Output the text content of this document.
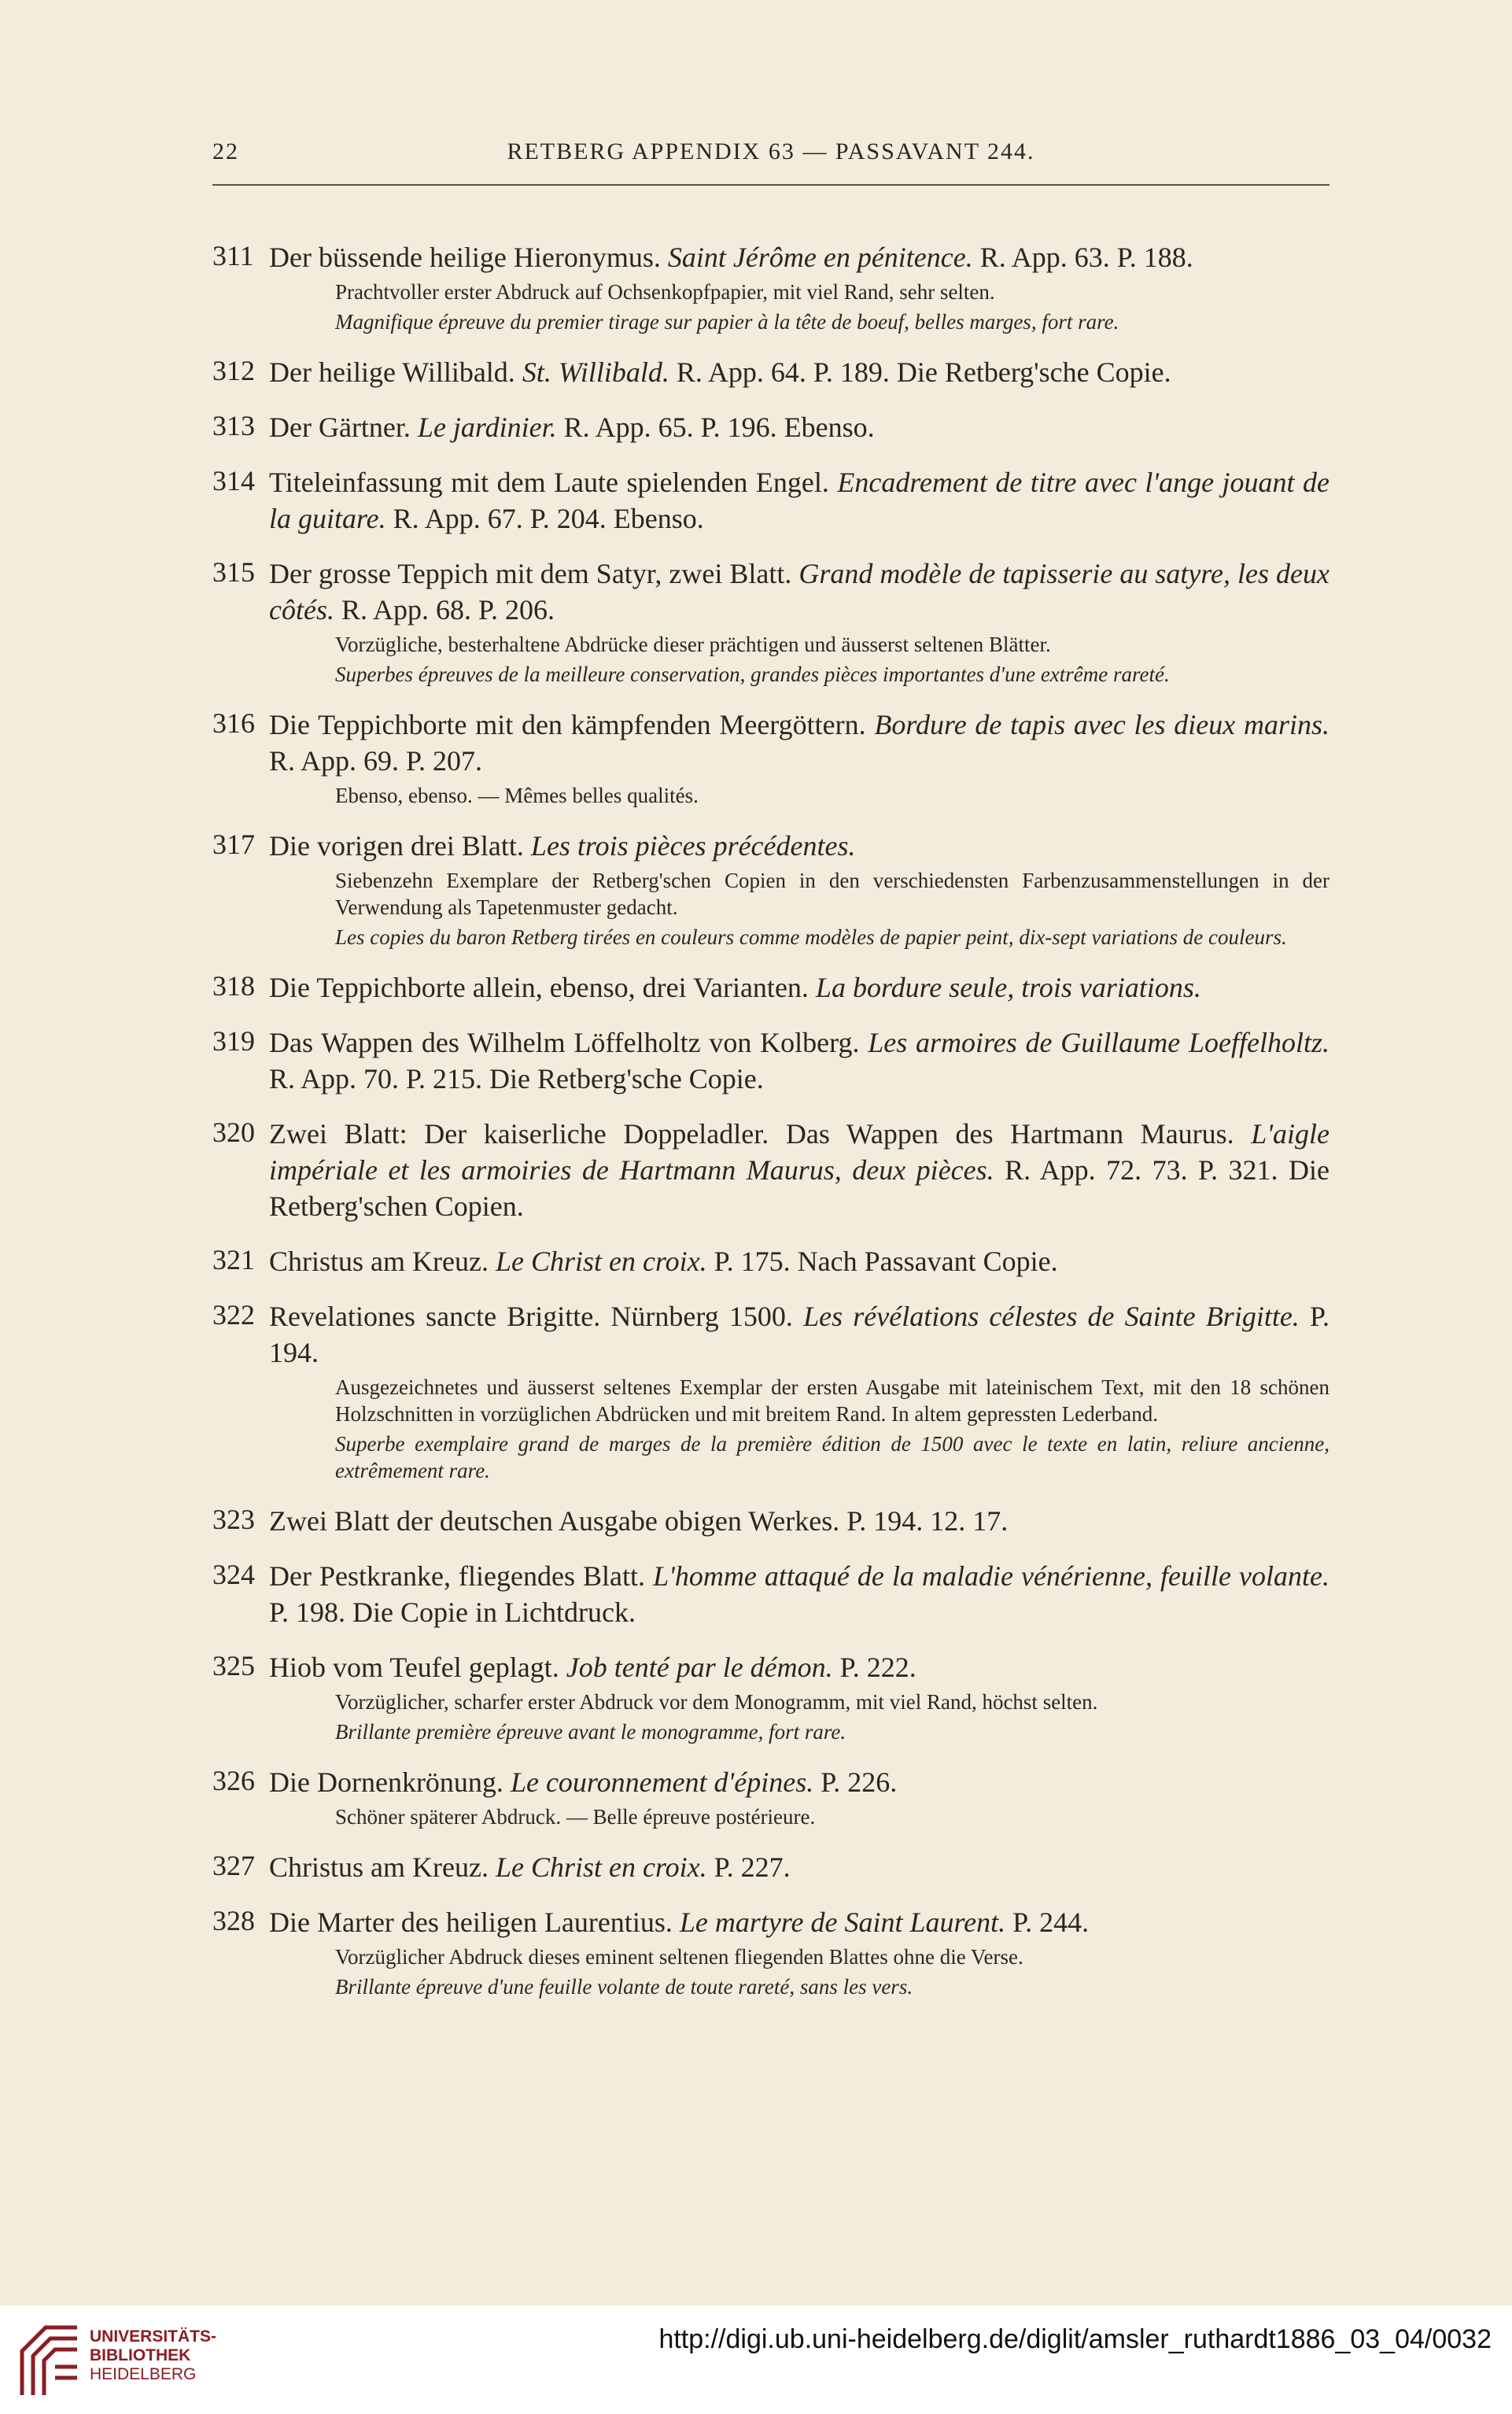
22	RETBERG APPENDIX 63 — PASSAVANT 244.
311 Der büssende heilige Hieronymus. Saint Jérôme en pénitence. R. App. 63. P. 188.
Prachtvoller erster Abdruck auf Ochsenkopfpapier, mit viel Rand, sehr selten.
Magnifique épreuve du premier tirage sur papier à la tête de boeuf, belles marges, fort rare.
312 Der heilige Willibald. St. Willibald. R. App. 64. P. 189. Die Retberg'sche Copie.
313 Der Gärtner. Le jardinier. R. App. 65. P. 196. Ebenso.
314 Titeleinfassung mit dem Laute spielenden Engel. Encadrement de titre avec l'ange jouant de la guitare. R. App. 67. P. 204. Ebenso.
315 Der grosse Teppich mit dem Satyr, zwei Blatt. Grand modèle de tapisserie au satyre, les deux côtés. R. App. 68. P. 206.
Vorzügliche, besterhaltene Abdrücke dieser prächtigen und äusserst seltenen Blätter.
Superbes épreuves de la meilleure conservation, grandes pièces importantes d'une extrême rareté.
316 Die Teppichborte mit den kämpfenden Meergöttern. Bordure de tapis avec les dieux marins. R. App. 69. P. 207.
Ebenso, ebenso. — Mêmes belles qualités.
317 Die vorigen drei Blatt. Les trois pièces précédentes.
Siebenzehn Exemplare der Retberg'schen Copien in den verschiedensten Farbenzusammenstellungen in der Verwendung als Tapetenmuster gedacht.
Les copies du baron Retberg tirées en couleurs comme modèles de papier peint, dix-sept variations de couleurs.
318 Die Teppichborte allein, ebenso, drei Varianten. La bordure seule, trois variations.
319 Das Wappen des Wilhelm Löffelholtz von Kolberg. Les armoires de Guillaume Loeffelholtz. R. App. 70. P. 215. Die Retberg'sche Copie.
320 Zwei Blatt: Der kaiserliche Doppeladler. Das Wappen des Hartmann Maurus. L'aigle impériale et les armoiries de Hartmann Maurus, deux pièces. R. App. 72. 73. P. 321. Die Retberg'schen Copien.
321 Christus am Kreuz. Le Christ en croix. P. 175. Nach Passavant Copie.
322 Revelationes sancte Brigitte. Nürnberg 1500. Les révélations célestes de Sainte Brigitte. P. 194.
Ausgezeichnetes und äusserst seltenes Exemplar der ersten Ausgabe mit lateinischem Text, mit den 18 schönen Holzschnitten in vorzüglichen Abdrücken und mit breitem Rand. In altem gepressten Lederband.
Superbe exemplaire grand de marges de la première édition de 1500 avec le texte en latin, reliure ancienne, extrêmement rare.
323 Zwei Blatt der deutschen Ausgabe obigen Werkes. P. 194. 12. 17.
324 Der Pestkranke, fliegendes Blatt. L'homme attaqué de la maladie vénérienne, feuille volante. P. 198. Die Copie in Lichtdruck.
325 Hiob vom Teufel geplagt. Job tenté par le démon. P. 222.
Vorzüglicher, scharfer erster Abdruck vor dem Monogramm, mit viel Rand, höchst selten.
Brillante première épreuve avant le monogramme, fort rare.
326 Die Dornenkrönung. Le couronnement d'épines. P. 226.
Schöner späterer Abdruck. — Belle épreuve postérieure.
327 Christus am Kreuz. Le Christ en croix. P. 227.
328 Die Marter des heiligen Laurentius. Le martyre de Saint Laurent. P. 244.
Vorzüglicher Abdruck dieses eminent seltenen fliegenden Blattes ohne die Verse.
Brillante épreuve d'une feuille volante de toute rareté, sans les vers.
UNIVERSITÄTS-
BIBLIOTHEK
HEIDELBERG
http://digi.ub.uni-heidelberg.de/diglit/amsler_ruthardt1886_03_04/0032
